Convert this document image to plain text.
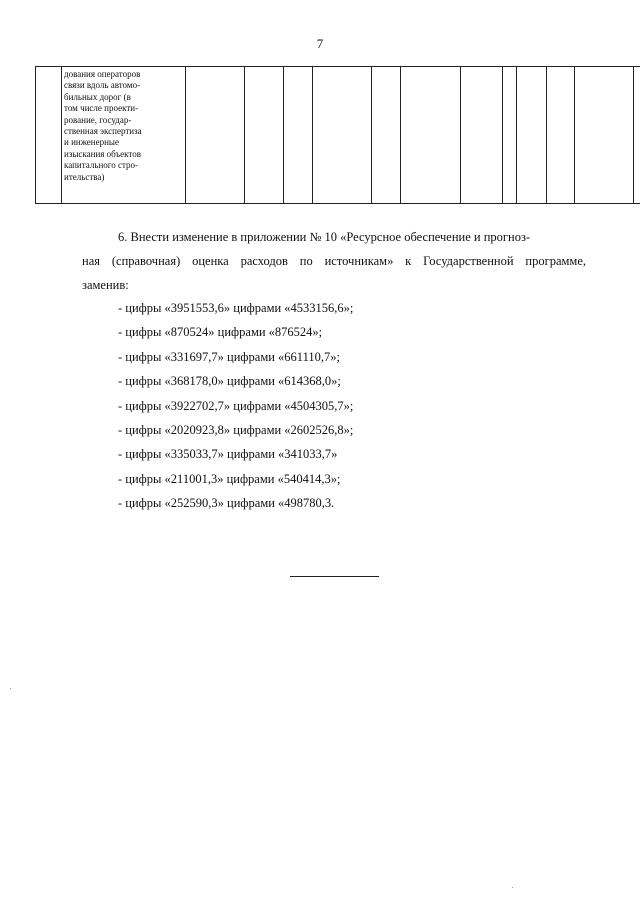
7

дования операторов
связи вдоль автомо-
бильных дорог (в
том числе проекти-
рование, государ-
ственная экспертиза
и инженерные
изыскания объектов
капитального стро-
ительства)

6. Внести изменение в приложении № 10 «Ресурсное обеспечение и прогноз-
ная (справочная) оценка расходов по источникам» к Государственной программе,
заменив:
- цифры «3951553,6» цифрами «4533156,6»;
- цифры «870524» цифрами «876524»;
- цифры «331697,7» цифрами «661110,7»;
- цифры «368178,0» цифрами «614368,0»;
- цифры «3922702,7» цифрами «4504305,7»;
- цифры «2020923,8» цифрами «2602526,8»;
- цифры «335033,7» цифрами «341033,7»
- цифры «211001,3» цифрами «540414,3»;
- цифры «252590,3» цифрами «498780,3.
